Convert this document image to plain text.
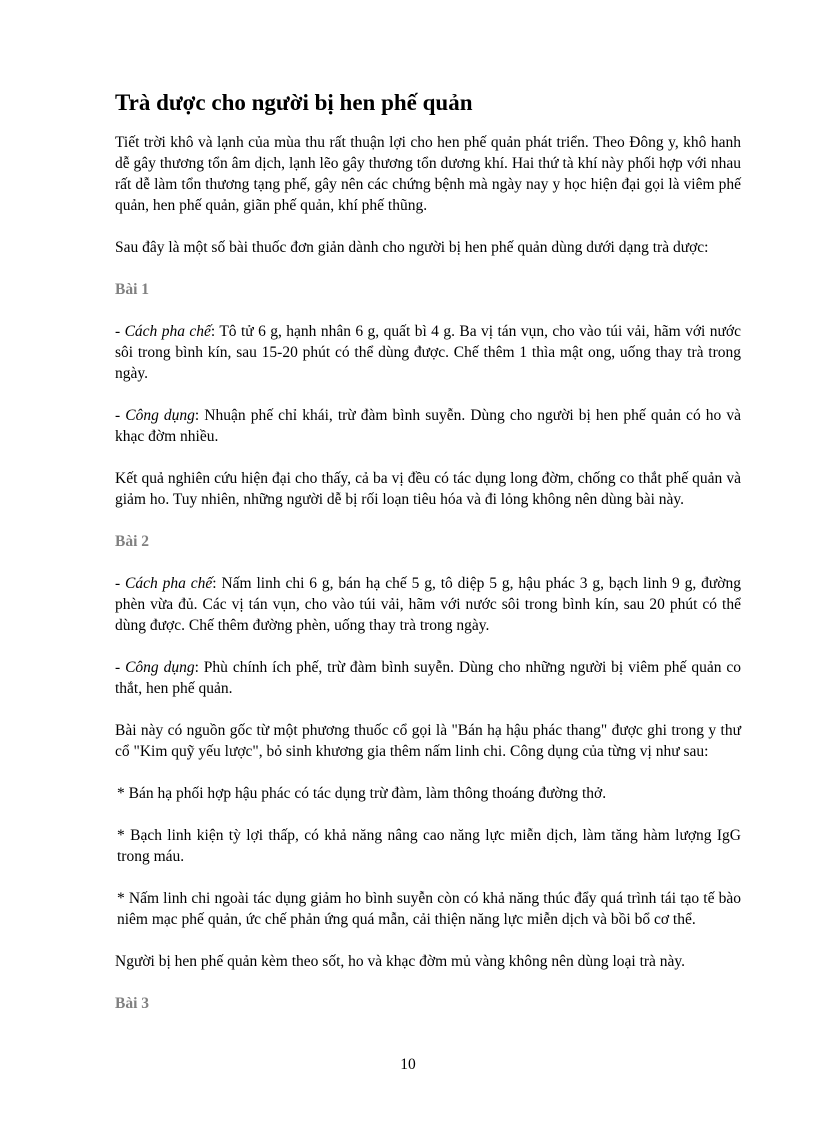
Trà dược cho người bị hen phế quản

Tiết trời khô và lạnh của mùa thu rất thuận lợi cho hen phế quản phát triển. Theo Đông y, khô hanh dễ gây thương tổn âm dịch, lạnh lẽo gây thương tổn dương khí. Hai thứ tà khí này phối hợp với nhau rất dễ làm tổn thương tạng phế, gây nên các chứng bệnh mà ngày nay y học hiện đại gọi là viêm phế quản, hen phế quản, giãn phế quản, khí phế thũng.

Sau đây là một số bài thuốc đơn giản dành cho người bị hen phế quản dùng dưới dạng trà dược:

Bài 1

- Cách pha chế: Tô tử 6 g, hạnh nhân 6 g, quất bì 4 g. Ba vị tán vụn, cho vào túi vải, hãm với nước sôi trong bình kín, sau 15-20 phút có thể dùng được. Chế thêm 1 thìa mật ong, uống thay trà trong ngày.

- Công dụng: Nhuận phế chỉ khái, trừ đàm bình suyễn. Dùng cho người bị hen phế quản có ho và khạc đờm nhiều.

Kết quả nghiên cứu hiện đại cho thấy, cả ba vị đều có tác dụng long đờm, chống co thắt phế quản và giảm ho. Tuy nhiên, những người dễ bị rối loạn tiêu hóa và đi lỏng không nên dùng bài này.

Bài 2

- Cách pha chế: Nấm linh chi 6 g, bán hạ chế 5 g, tô diệp 5 g, hậu phác 3 g, bạch linh 9 g, đường phèn vừa đủ. Các vị tán vụn, cho vào túi vải, hãm với nước sôi trong bình kín, sau 20 phút có thể dùng được. Chế thêm đường phèn, uống thay trà trong ngày.

- Công dụng: Phù chính ích phế, trừ đàm bình suyễn. Dùng cho những người bị viêm phế quản co thắt, hen phế quản.

Bài này có nguồn gốc từ một phương thuốc cổ gọi là "Bán hạ hậu phác thang" được ghi trong y thư cổ "Kim quỹ yếu lược", bỏ sinh khương gia thêm nấm linh chi. Công dụng của từng vị như sau:

* Bán hạ phối hợp hậu phác có tác dụng trừ đàm, làm thông thoáng đường thở.

* Bạch linh kiện tỳ lợi thấp, có khả năng nâng cao năng lực miễn dịch, làm tăng hàm lượng IgG trong máu.

* Nấm linh chi ngoài tác dụng giảm ho bình suyễn còn có khả năng thúc đẩy quá trình tái tạo tế bào niêm mạc phế quản, ức chế phản ứng quá mẫn, cải thiện năng lực miễn dịch và bồi bổ cơ thể.

Người bị hen phế quản kèm theo sốt, ho và khạc đờm mủ vàng không nên dùng loại trà này.

Bài 3

10
